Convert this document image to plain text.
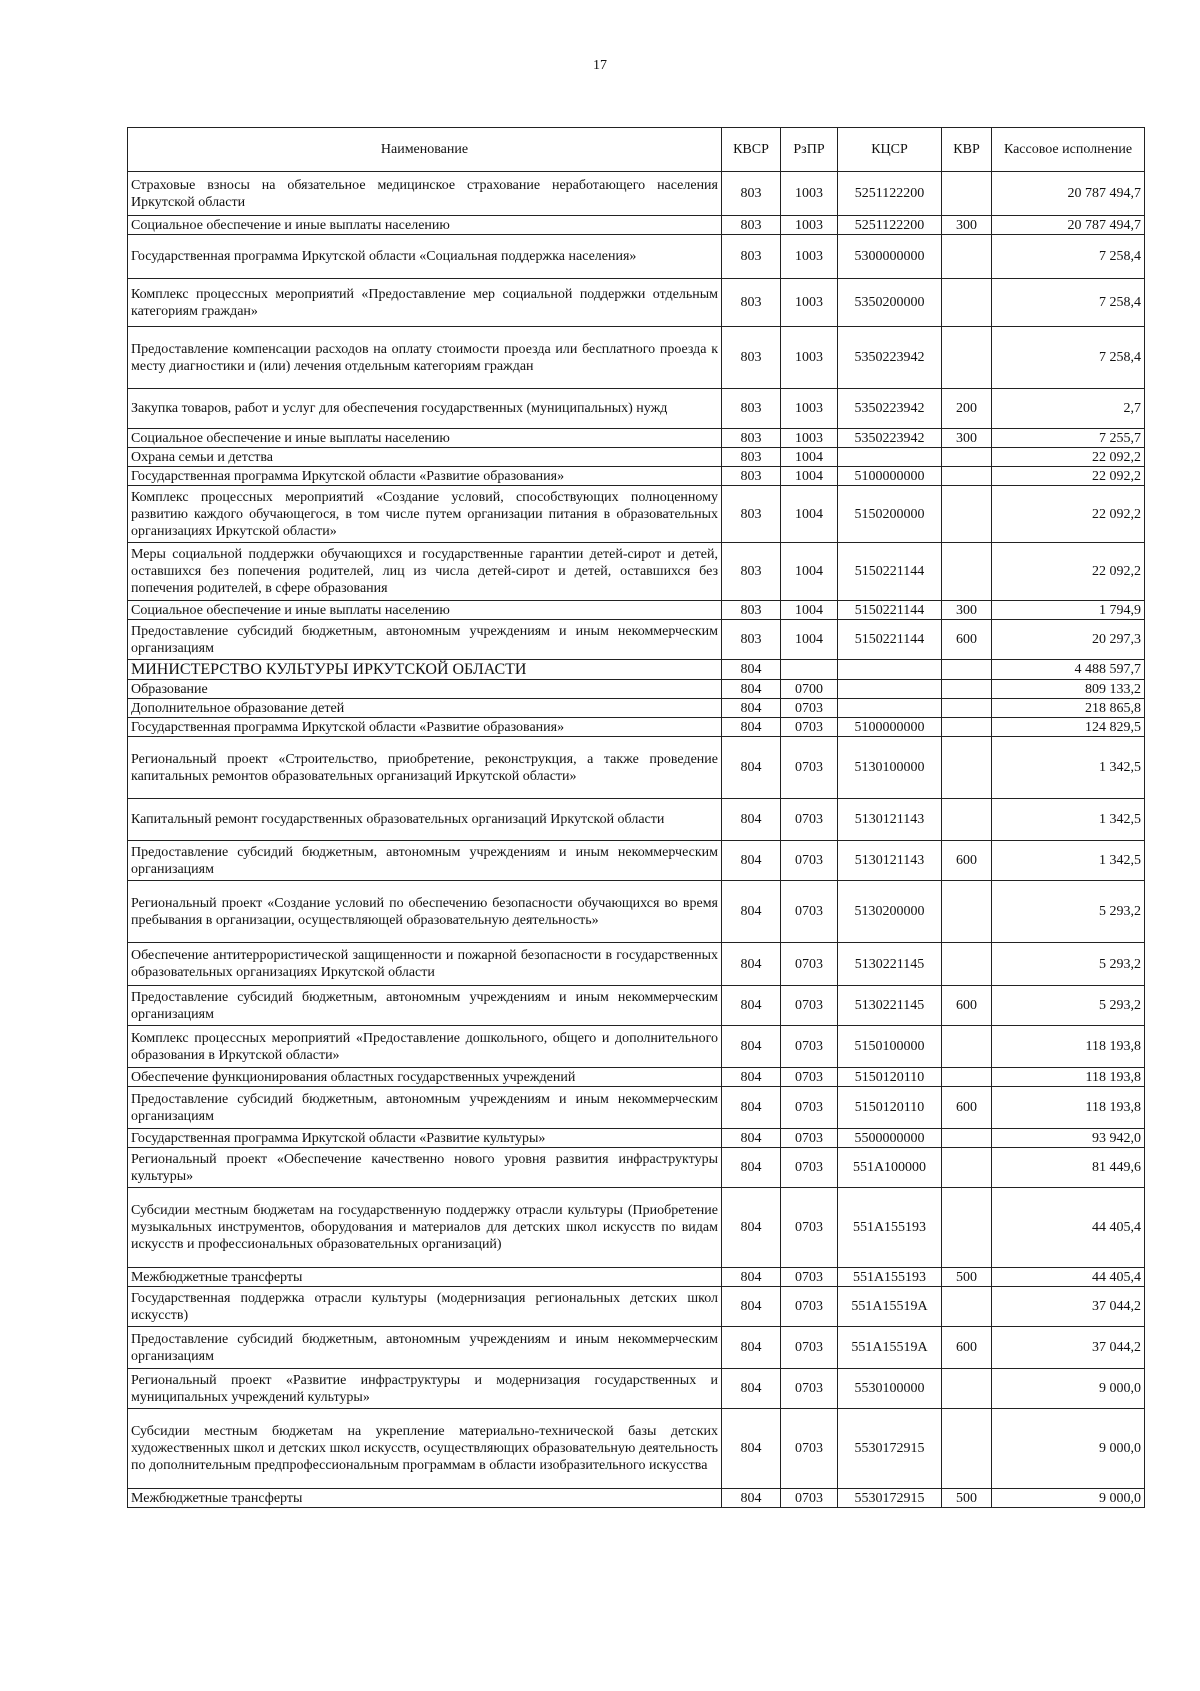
17
Наименование	КВСР	РзПР	КЦСР	КВР	Кассовое исполнение
Страховые взносы на обязательное медицинское страхование неработающего населения Иркутской области	803	1003	5251122200		20 787 494,7
Социальное обеспечение и иные выплаты населению	803	1003	5251122200	300	20 787 494,7
Государственная программа Иркутской области «Социальная поддержка населения»	803	1003	5300000000		7 258,4
Комплекс процессных мероприятий «Предоставление мер социальной поддержки отдельным категориям граждан»	803	1003	5350200000		7 258,4
Предоставление компенсации расходов на оплату стоимости проезда или бесплатного проезда к месту диагностики и (или) лечения отдельным категориям граждан	803	1003	5350223942		7 258,4
Закупка товаров, работ и услуг для обеспечения государственных (муниципальных) нужд	803	1003	5350223942	200	2,7
Социальное обеспечение и иные выплаты населению	803	1003	5350223942	300	7 255,7
Охрана семьи и детства	803	1004			22 092,2
Государственная программа Иркутской области «Развитие образования»	803	1004	5100000000		22 092,2
Комплекс процессных мероприятий «Создание условий, способствующих полноценному развитию каждого обучающегося, в том числе путем организации питания в образовательных организациях Иркутской области»	803	1004	5150200000		22 092,2
Меры социальной поддержки обучающихся и государственные гарантии детей-сирот и детей, оставшихся без попечения родителей, лиц из числа детей-сирот и детей, оставшихся без попечения родителей, в сфере образования	803	1004	5150221144		22 092,2
Социальное обеспечение и иные выплаты населению	803	1004	5150221144	300	1 794,9
Предоставление субсидий бюджетным, автономным учреждениям и иным некоммерческим организациям	803	1004	5150221144	600	20 297,3
МИНИСТЕРСТВО КУЛЬТУРЫ ИРКУТСКОЙ ОБЛАСТИ	804				4 488 597,7
Образование	804	0700			809 133,2
Дополнительное образование детей	804	0703			218 865,8
Государственная программа Иркутской области «Развитие образования»	804	0703	5100000000		124 829,5
Региональный проект «Строительство, приобретение, реконструкция, а также проведение капитальных ремонтов образовательных организаций Иркутской области»	804	0703	5130100000		1 342,5
Капитальный ремонт государственных образовательных организаций Иркутской области	804	0703	5130121143		1 342,5
Предоставление субсидий бюджетным, автономным учреждениям и иным некоммерческим организациям	804	0703	5130121143	600	1 342,5
Региональный проект «Создание условий по обеспечению безопасности обучающихся во время пребывания в организации, осуществляющей образовательную деятельность»	804	0703	5130200000		5 293,2
Обеспечение антитеррористической защищенности и пожарной безопасности в государственных образовательных организациях Иркутской области	804	0703	5130221145		5 293,2
Предоставление субсидий бюджетным, автономным учреждениям и иным некоммерческим организациям	804	0703	5130221145	600	5 293,2
Комплекс процессных мероприятий «Предоставление дошкольного, общего и дополнительного образования в Иркутской области»	804	0703	5150100000		118 193,8
Обеспечение функционирования областных государственных учреждений	804	0703	5150120110		118 193,8
Предоставление субсидий бюджетным, автономным учреждениям и иным некоммерческим организациям	804	0703	5150120110	600	118 193,8
Государственная программа Иркутской области «Развитие культуры»	804	0703	5500000000		93 942,0
Региональный проект «Обеспечение качественно нового уровня развития инфраструктуры культуры»	804	0703	551A100000		81 449,6
Субсидии местным бюджетам на государственную поддержку отрасли культуры (Приобретение музыкальных инструментов, оборудования и материалов для детских школ искусств по видам искусств и профессиональных образовательных организаций)	804	0703	551A155193		44 405,4
Межбюджетные трансферты	804	0703	551A155193	500	44 405,4
Государственная поддержка отрасли культуры (модернизация региональных детских школ искусств)	804	0703	551A15519A		37 044,2
Предоставление субсидий бюджетным, автономным учреждениям и иным некоммерческим организациям	804	0703	551A15519A	600	37 044,2
Региональный проект «Развитие инфраструктуры и модернизация государственных и муниципальных учреждений культуры»	804	0703	5530100000		9 000,0
Субсидии местным бюджетам на укрепление материально-технической базы детских художественных школ и детских школ искусств, осуществляющих образовательную деятельность по дополнительным предпрофессиональным программам в области изобразительного искусства	804	0703	5530172915		9 000,0
Межбюджетные трансферты	804	0703	5530172915	500	9 000,0
